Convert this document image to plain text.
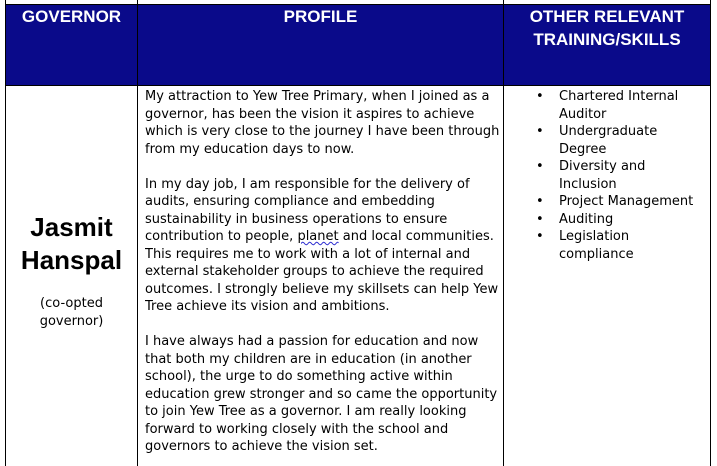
GOVERNOR	PROFILE	OTHER RELEVANT
TRAINING/SKILLS
Jasmit
Hanspal
(co-opted
governor)

My attraction to Yew Tree Primary, when I joined as a governor, has been the vision it aspires to achieve which is very close to the journey I have been through from my education days to now.

In my day job, I am responsible for the delivery of audits, ensuring compliance and embedding sustainability in business operations to ensure contribution to people, planet and local communities. This requires me to work with a lot of internal and external stakeholder groups to achieve the required outcomes. I strongly believe my skillsets can help Yew Tree achieve its vision and ambitions.

I have always had a passion for education and now that both my children are in education (in another school), the urge to do something active within education grew stronger and so came the opportunity to join Yew Tree as a governor. I am really looking forward to working closely with the school and governors to achieve the vision set.

• Chartered Internal Auditor
• Undergraduate Degree
• Diversity and Inclusion
• Project Management
• Auditing
• Legislation compliance
